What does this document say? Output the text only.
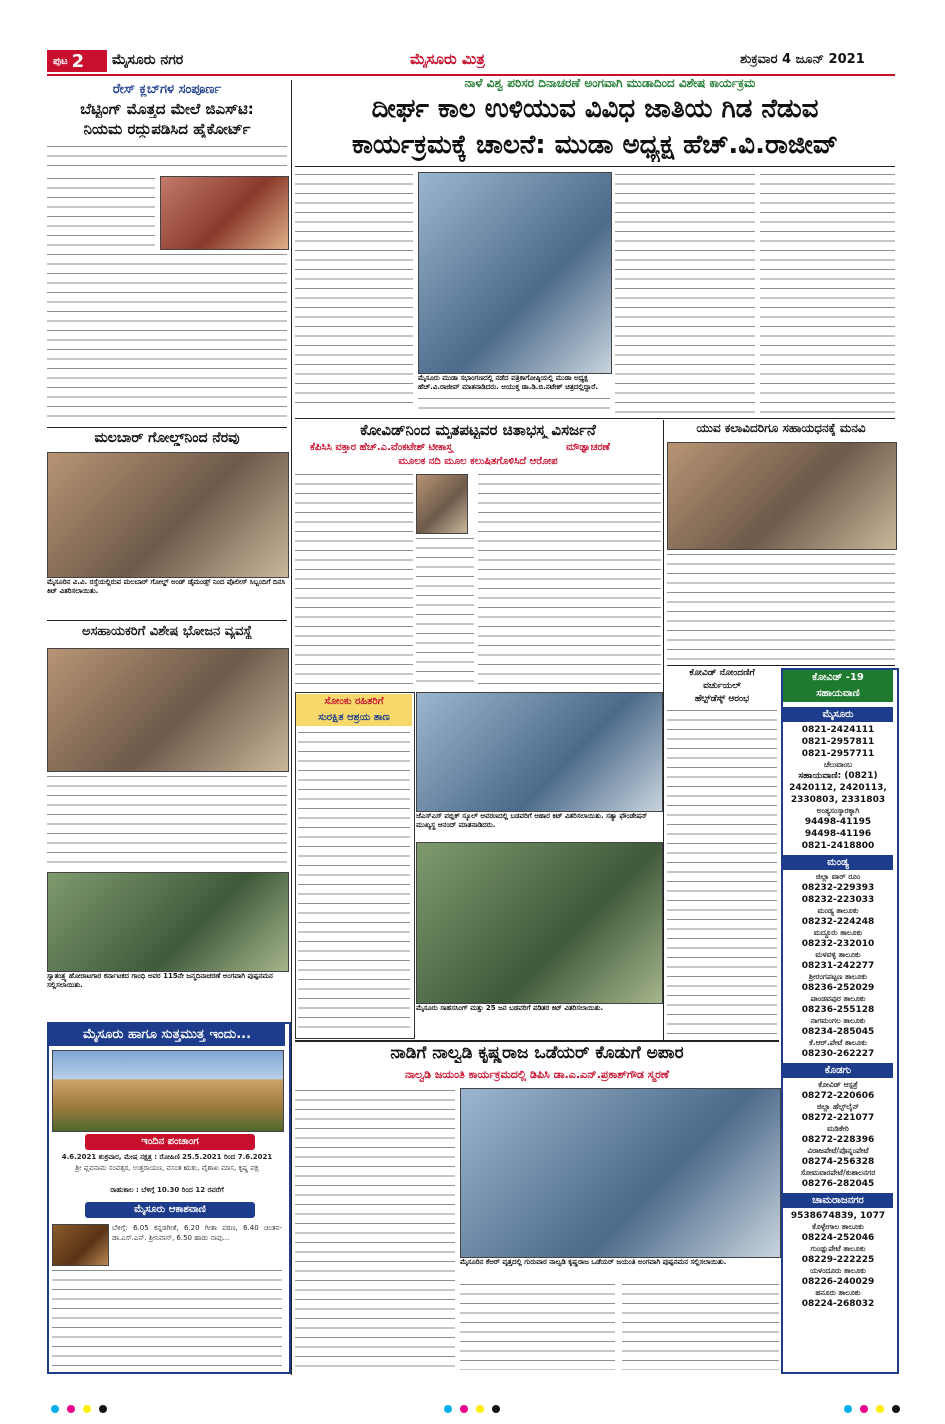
ಪುಟ 2 ಮೈಸೂರು ನಗರ	ಮೈಸೂರು ಮಿತ್ರ	ಶುಕ್ರವಾರ 4 ಜೂನ್ 2021
ನಾಳೆ ವಿಶ್ವ ಪರಿಸರ ದಿನಾಚರಣೆ ಅಂಗವಾಗಿ ಮುಡಾದಿಂದ ವಿಶೇಷ ಕಾರ್ಯಕ್ರಮ
ದೀರ್ಘ ಕಾಲ ಉಳಿಯುವ ವಿವಿಧ ಜಾತಿಯ ಗಿಡ ನೆಡುವ
ಕಾರ್ಯಕ್ರಮಕ್ಕೆ ಚಾಲನೆ: ಮುಡಾ ಅಧ್ಯಕ್ಷ ಹೆಚ್.ವಿ.ರಾಜೀವ್
ಮೈಸೂರು ಮುಡಾ ಸಭಾಂಗಣದಲ್ಲಿ ನಡೆದ ಪತ್ರಿಕಾಗೋಷ್ಠಿಯಲ್ಲಿ ಮುಡಾ ಅಧ್ಯಕ್ಷ ಹೆಚ್.ವಿ.ರಾಜೀವ್ ಮಾತನಾಡಿದರು. ಆಯುಕ್ತ ಡಾ.ಡಿ.ಬಿ.ನಟೇಶ್ ಚಿತ್ರದಲ್ಲಿದ್ದಾರೆ.
ರೇಸ್ ಕ್ಲಬ್‌ಗಳ ಸಂಪೂರ್ಣ
ಬೆಟ್ಟಿಂಗ್ ಮೊತ್ತದ ಮೇಲೆ ಜಿಎಸ್‌ಟಿ:
ನಿಯಮ ರದ್ದುಪಡಿಸಿದ ಹೈಕೋರ್ಟ್
ಮಲಬಾರ್ ಗೋಲ್ಡ್‌ನಿಂದ ನೆರವು
ಮೈಸೂರಿನ ವಿ.ವಿ. ರಸ್ತೆಯಲ್ಲಿರುವ ಮಲಬಾರ್ ಗೋಲ್ಡ್ ಅಂಡ್ ಡೈಮಂಡ್ಸ್ ನಿಂದ ಪೊಲೀಸ್ ಸಿಬ್ಬಂದಿಗೆ ದಿನಸಿ ಕಿಟ್ ವಿತರಿಸಲಾಯಿತು.
ಅಸಹಾಯಕರಿಗೆ ವಿಶೇಷ ಭೋಜನ ವ್ಯವಸ್ಥೆ
ಸ್ವಾತಂತ್ರ್ಯ ಹೋರಾಟಗಾರ ಕರ್ನಾಟಕದ ಗಾಂಧಿ ಅವರ 115ನೇ ಜನ್ಮದಿನಾಚರಣೆ ಅಂಗವಾಗಿ ಪುಷ್ಪನಮನ ಸಲ್ಲಿಸಲಾಯಿತು.
ಮೈಸೂರು ಹಾಗೂ ಸುತ್ತಮುತ್ತ ಇಂದು...
ಇಂದಿನ ಪಂಚಾಂಗ
4.6.2021 ಶುಕ್ರವಾರ, ಮೇಷ ನಕ್ಷತ್ರ : ರೋಹಿಣಿ 25.5.2021 ರಿಂದ 7.6.2021
ಶ್ರೀ ಪ್ಲವನಾಮ ಸಂವತ್ಸರ, ಉತ್ತರಾಯಣ, ವಸಂತ ಋತು, ವೈಶಾಖ ಮಾಸ, ಕೃಷ್ಣ ಪಕ್ಷ
ರಾಹುಕಾಲ : ಬೆಳಿಗ್ಗೆ 10.30 ರಿಂದ 12 ರವರೆಗೆ
ಮೈಸೂರು ಆಕಾಶವಾಣಿ
ಬೆಳಿಗ್ಗೆ: 6.05 ಕನ್ನಡಗೀತೆ, 6.20 ಗೀತಾ ಪಠಣ, 6.40 ಚಿಂತನ-ಡಾ.ಎಸ್.ಎನ್. ಶ್ರೀನಿವಾಸ್, 6.50 ಹಾಡು ನಾವು...
ಕೋವಿಡ್‌ನಿಂದ ಮೃತಪಟ್ಟವರ ಚಿತಾಭಸ್ಮ ವಿಸರ್ಜನೆ
ಕೆಪಿಸಿಸಿ ವಕ್ತಾರ ಹೆಚ್.ಎ.ವೆಂಕಟೇಶ್ ಟೀಕಾಸ್ತ್ರ	ಮೌಢ್ಯಾಚರಣೆ
ಮೂಲಕ ನದಿ ಮೂಲ ಕಲುಷಿತಗೊಳಿಸಿದೆ ಆರೋಪ
ಸೋಂಕು ರಹಿತರಿಗೆ
ಸುರಕ್ಷಿತ ಆಶ್ರಯ ತಾಣ
ಜೆಎಸ್‌ಎಸ್ ಪಬ್ಲಿಕ್ ಸ್ಕೂಲ್ ಆವರಣದಲ್ಲಿ ಬಡವರಿಗೆ ಆಹಾರ ಕಿಟ್ ವಿತರಿಸಲಾಯಿತು. ಸತ್ಯಾ ಫೌಂಡೇಷನ್ ಮುಖ್ಯಸ್ಥ ಆನಂದ್ ಮಾತನಾಡಿದರು.
ಮೈಸೂರು ಸಾಹಸಸಿಂಗ್ ಮತ್ತು 25 ಜನ ಬಡವರಿಗೆ ಪಡಿತರ ಕಿಟ್ ವಿತರಿಸಲಾಯಿತು.
ಯುವ ಕಲಾವಿದರಿಗೂ ಸಹಾಯಧನಕ್ಕೆ ಮನವಿ
ಕೋವಿಡ್ ನೋಂದಣಿಗೆ
ವರ್ಚುಯಲ್
ಹೆಲ್ಪ್‌ಡೆಸ್ಕ್ ಆರಂಭ
ಕೋವಿಡ್ -19
ಸಹಾಯವಾಣಿ
ಮೈಸೂರು
0821-2424111
0821-2957811
0821-2957711
ಚೆಲುವಾಂಬ
ಸಹಾಯವಾಣಿ: (0821)
2420112, 2420113,
2330803, 2331803
ಅಂತ್ಯಸಂಸ್ಕಾರಕ್ಕಾಗಿ
94498-41195
94498-41196
0821-2418800
ಮಂಡ್ಯ
ಜಿಲ್ಲಾ ವಾರ್ ರೂಂ
08232-229393
08232-223033
ಮಂಡ್ಯ ತಾಲೂಕು
08232-224248
ಮದ್ದೂರು ತಾಲೂಕು
08232-232010
ಮಳವಳ್ಳಿ ತಾಲೂಕು
08231-242277
ಶ್ರೀರಂಗಪಟ್ಟಣ ತಾಲೂಕು
08236-252029
ಪಾಂಡವಪುರ ತಾಲೂಕು
08236-255128
ನಾಗಮಂಗಲ ತಾಲೂಕು
08234-285045
ಕೆ.ಆರ್.ಪೇಟೆ ತಾಲೂಕು
08230-262227
ಕೊಡಗು
ಕೋವಿಡ್ ಆಸ್ಪತ್ರೆ
08272-220606
ಜಿಲ್ಲಾ ಹೆಲ್ಪ್‌ಲೈನ್
08272-221077
ಮಡಿಕೇರಿ
08272-228396
ವಿರಾಜಪೇಟೆ/ಪೊನ್ನಂಪೇಟೆ
08274-256328
ಸೋಮವಾರಪೇಟೆ/ಕುಶಾಲನಗರ
08276-282045
ಚಾಮರಾಜನಗರ
9538674839, 1077
ಕೊಳ್ಳೇಗಾಲ ತಾಲೂಕು
08224-252046
ಗುಂಡ್ಲುಪೇಟೆ ತಾಲೂಕು
08229-222225
ಯಳಂದೂರು ತಾಲೂಕು
08226-240029
ಹನೂರು ತಾಲೂಕು
08224-268032
ನಾಡಿಗೆ ನಾಲ್ವಡಿ ಕೃಷ್ಣರಾಜ ಒಡೆಯರ್ ಕೊಡುಗೆ ಅಪಾರ
ನಾಲ್ವಡಿ ಜಯಂತಿ ಕಾರ್ಯಕ್ರಮದಲ್ಲಿ ಡಿಪಿಸಿ ಡಾ.ಎ.ಎನ್.ಪ್ರಕಾಶ್‌ಗೌಡ ಸ್ಮರಣೆ
ಮೈಸೂರಿನ ಕೆಆರ್ ವೃತ್ತದಲ್ಲಿ ಗುರುವಾರ ನಾಲ್ವಡಿ ಕೃಷ್ಣರಾಜ ಒಡೆಯರ್ ಜಯಂತಿ ಅಂಗವಾಗಿ ಪುಷ್ಪನಮನ ಸಲ್ಲಿಸಲಾಯಿತು.
